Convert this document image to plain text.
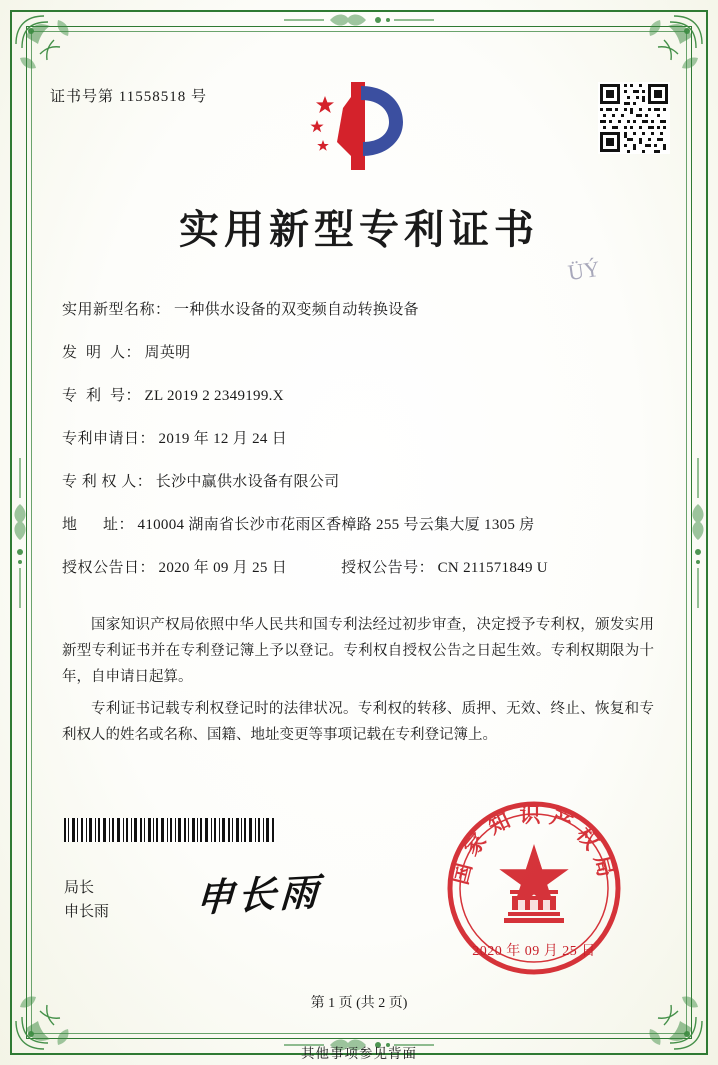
证书号第 11558518 号
实用新型专利证书
ÜÝ
实用新型名称 ： 一种供水设备的双变频自动转换设备
发  明  人 ： 周英明
专  利  号 ： ZL 2019 2 2349199.X
专利申请日 ： 2019 年 12 月 24 日
专 利 权 人 ： 长沙中赢供水设备有限公司
地      址 ： 410004 湖南省长沙市花雨区香樟路 255 号云集大厦 1305 房
授权公告日 ： 2020 年 09 月 25 日	授权公告号 ： CN 211571849 U

国家知识产权局依照中华人民共和国专利法经过初步审查，决定授予专利权，颁发实用新型专利证书并在专利登记簿上予以登记。专利权自授权公告之日起生效。专利权期限为十年，自申请日起算。

专利证书记载专利权登记时的法律状况。专利权的转移、质押、无效、终止、恢复和专利权人的姓名或名称、国籍、地址变更等事项记载在专利登记簿上。

局长
申长雨 申长雨
国家知识产权局
2020 年 09 月 25 日
第 1 页 (共 2 页)
其他事项参见背面
